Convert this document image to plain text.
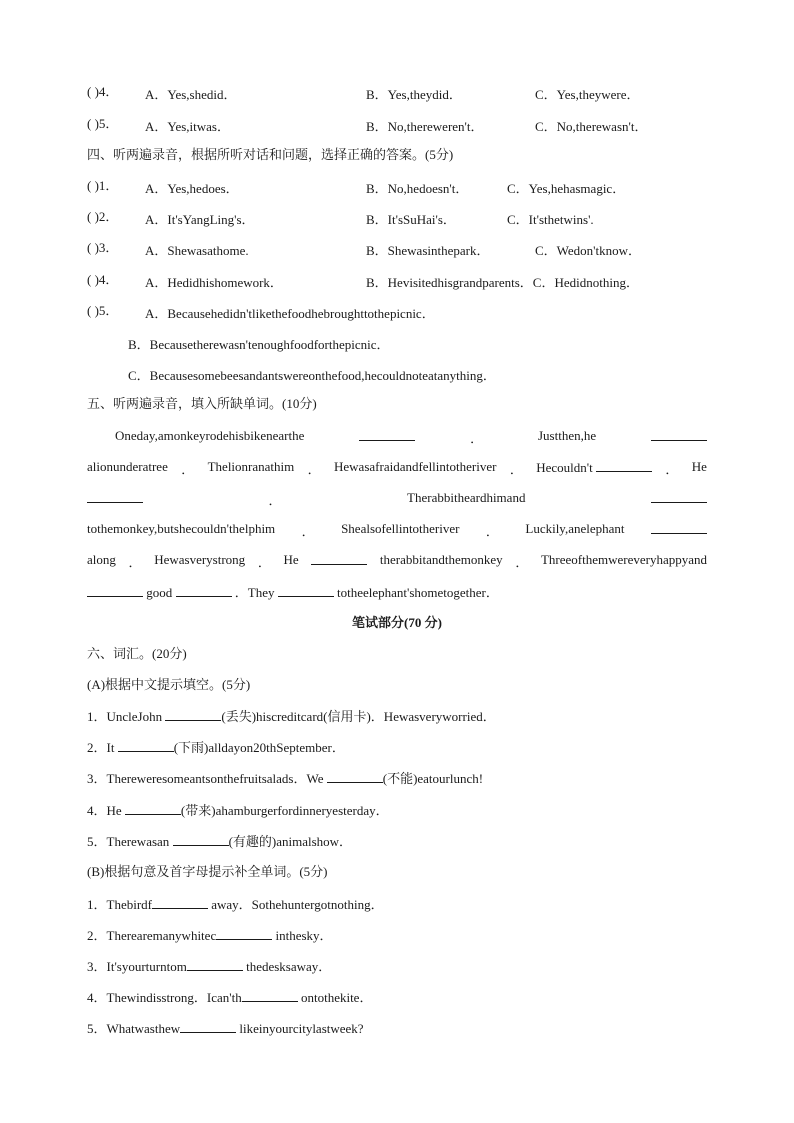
( )4． A．Yes,shedid．	B．Yes,theydid．	C．Yes,theywere．
( )5． A．Yes,itwas．	B．No,thereweren't．	C．No,therewasn't．
四、听两遍录音，根据所听对话和问题，选择正确的答案。(5分)
( )1． A．Yes,hedoes．	B．No,hedoesn't．	C．Yes,hehasmagic．
( )2． A．It'sYangLing's．	B．It'sSuHai's．	C．It'sthetwins'.
( )3． A．Shewasathome.	B．Shewasinthepark．	C．Wedon'tknow．
( )4． A．Hedidhishomework．	B．Hevisitedhisgrandparents．C．Hedidnothing．
( )5． A．Becausehedidn'tlikethefoodhebroughttothepicnic．
B．Becausetherewasn'tenoughfoodforthepicnic．
C．Becausesomebeesandantswereonthefood,hecouldnoteatanything．
五、听两遍录音，填入所缺单词。(10分)
Oneday,amonkeyrodehisbikenearthe	．	Justthen,he
alionunderatree ． Thelionranathim ． Hewasafraidandfellintotheriver ． Hecouldn't	． He
．	Therabbitheardhimand
tothemonkey,butshecouldn'thelphim ． Shealsofellintotheriver ． Luckily,anelephant
along ． Hewasverystrong ． He	therabbitandthemonkey ． Threeofthemwereveryhappyand
good	．They	totheelephant'shometogether．
笔试部分(70 分)
六、词汇。(20分)
(A)根据中文提示填空。(5分)
1．UncleJohn	(丢失)hiscreditcard(信用卡)．Hewasveryworried．
2．It	(下雨)alldayon20thSeptember．
3．Thereweresomeantsonthefruitsalads．We	(不能)eatourlunch!
4．He	(带来)ahamburgerfordinneryesterday．
5．Therewasan	(有趣的)animalshow．
(B)根据句意及首字母提示补全单词。(5分)
1．Thebirdf	away．Sothehuntergotnothing．
2．Therearemanywhitec	inthesky．
3．It'syourturntom	thedesksaway．
4．Thewindisstrong．Ican'th	ontothekite．
5．Whatwasthew	likeinyourcitylastweek?
